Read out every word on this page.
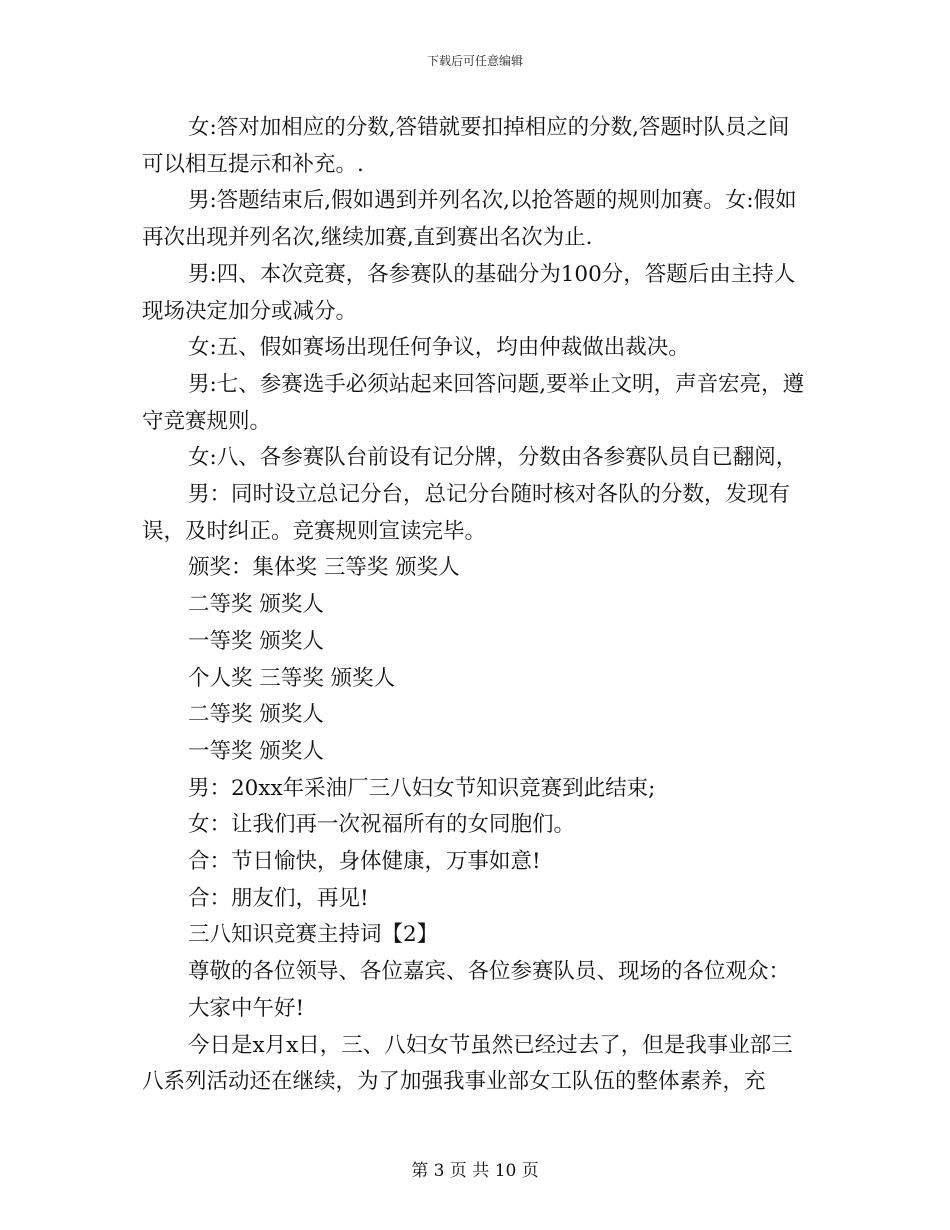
下载后可任意编辑

女:答对加相应的分数,答错就要扣掉相应的分数,答题时队员之间可以相互提示和补充。.

男:答题结束后,假如遇到并列名次,以抢答题的规则加赛。女:假如再次出现并列名次,继续加赛,直到赛出名次为止.

男:四、本次竞赛，各参赛队的基础分为100分，答题后由主持人现场决定加分或减分。

女:五、假如赛场出现任何争议，均由仲裁做出裁决。

男:七、参赛选手必须站起来回答问题,要举止文明，声音宏亮，遵守竞赛规则。

女:八、各参赛队台前设有记分牌，分数由各参赛队员自已翻阅，

男：同时设立总记分台，总记分台随时核对各队的分数，发现有误，及时纠正。竞赛规则宣读完毕。

颁奖：集体奖 三等奖 颁奖人

二等奖 颁奖人

一等奖 颁奖人

个人奖 三等奖 颁奖人

二等奖 颁奖人

一等奖 颁奖人

男：20xx年采油厂三八妇女节知识竞赛到此结束;

女：让我们再一次祝福所有的女同胞们。

合：节日愉快，身体健康，万事如意!

合：朋友们，再见!

三八知识竞赛主持词【2】

尊敬的各位领导、各位嘉宾、各位参赛队员、现场的各位观众：

大家中午好!

今日是x月x日，三、八妇女节虽然已经过去了，但是我事业部三八系列活动还在继续，为了加强我事业部女工队伍的整体素养，充

第 3 页 共 10 页
